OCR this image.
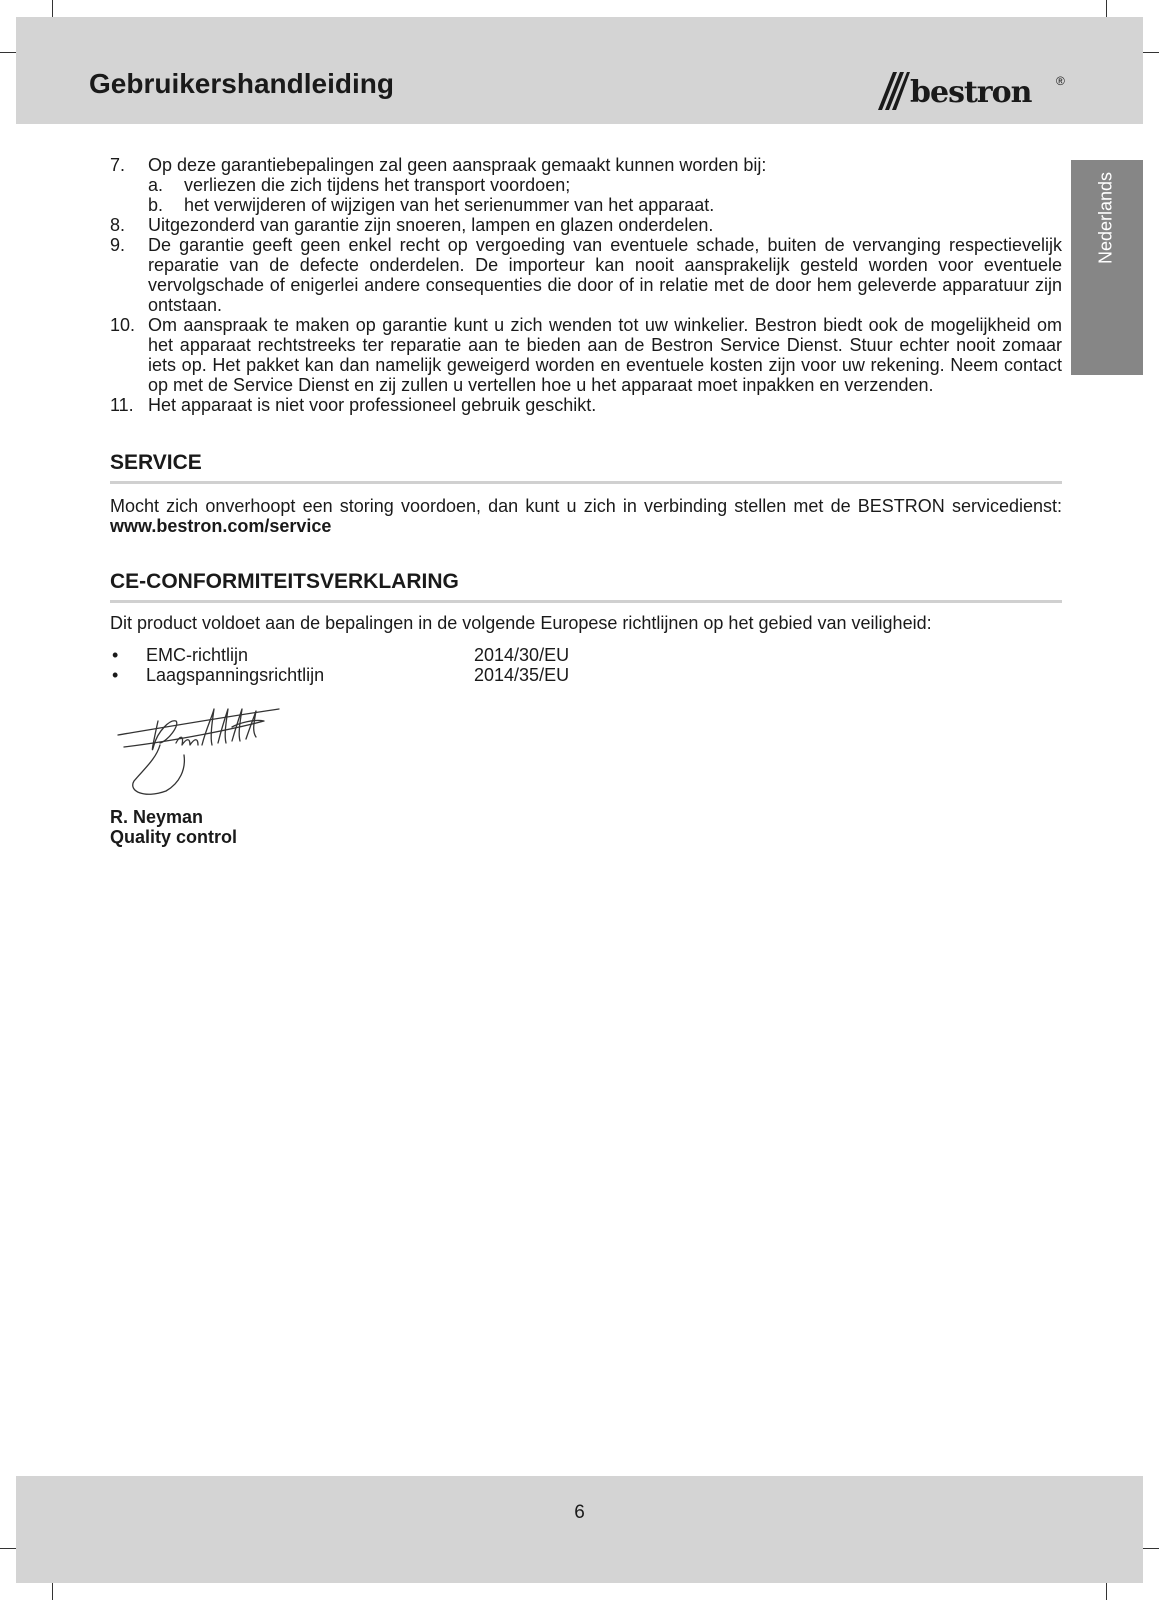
Gebruikershandleiding	bestron ®
Nederlands
7. Op deze garantiebepalingen zal geen aanspraak gemaakt kunnen worden bij:
a. verliezen die zich tijdens het transport voordoen;
b. het verwijderen of wijzigen van het serienummer van het apparaat.
8. Uitgezonderd van garantie zijn snoeren, lampen en glazen onderdelen.
9. De garantie geeft geen enkel recht op vergoeding van eventuele schade, buiten de vervanging respectievelijk reparatie van de defecte onderdelen. De importeur kan nooit aansprakelijk gesteld worden voor eventuele vervolgschade of enigerlei andere consequenties die door of in relatie met de door hem geleverde apparatuur zijn ontstaan.
10. Om aanspraak te maken op garantie kunt u zich wenden tot uw winkelier. Bestron biedt ook de mogelijkheid om het apparaat rechtstreeks ter reparatie aan te bieden aan de Bestron Service Dienst. Stuur echter nooit zomaar iets op. Het pakket kan dan namelijk geweigerd worden en eventuele kosten zijn voor uw rekening. Neem contact op met de Service Dienst en zij zullen u vertellen hoe u het apparaat moet inpakken en verzenden.
11. Het apparaat is niet voor professioneel gebruik geschikt.
SERVICE

Mocht zich onverhoopt een storing voordoen, dan kunt u zich in verbinding stellen met de BESTRON servicedienst: www.bestron.com/service

CE-CONFORMITEITSVERKLARING

Dit product voldoet aan de bepalingen in de volgende Europese richtlijnen op het gebied van veiligheid:

• EMC-richtlijn	2014/30/EU
• Laagspanningsrichtlijn	2014/35/EU
R. Neyman
Quality control
6
